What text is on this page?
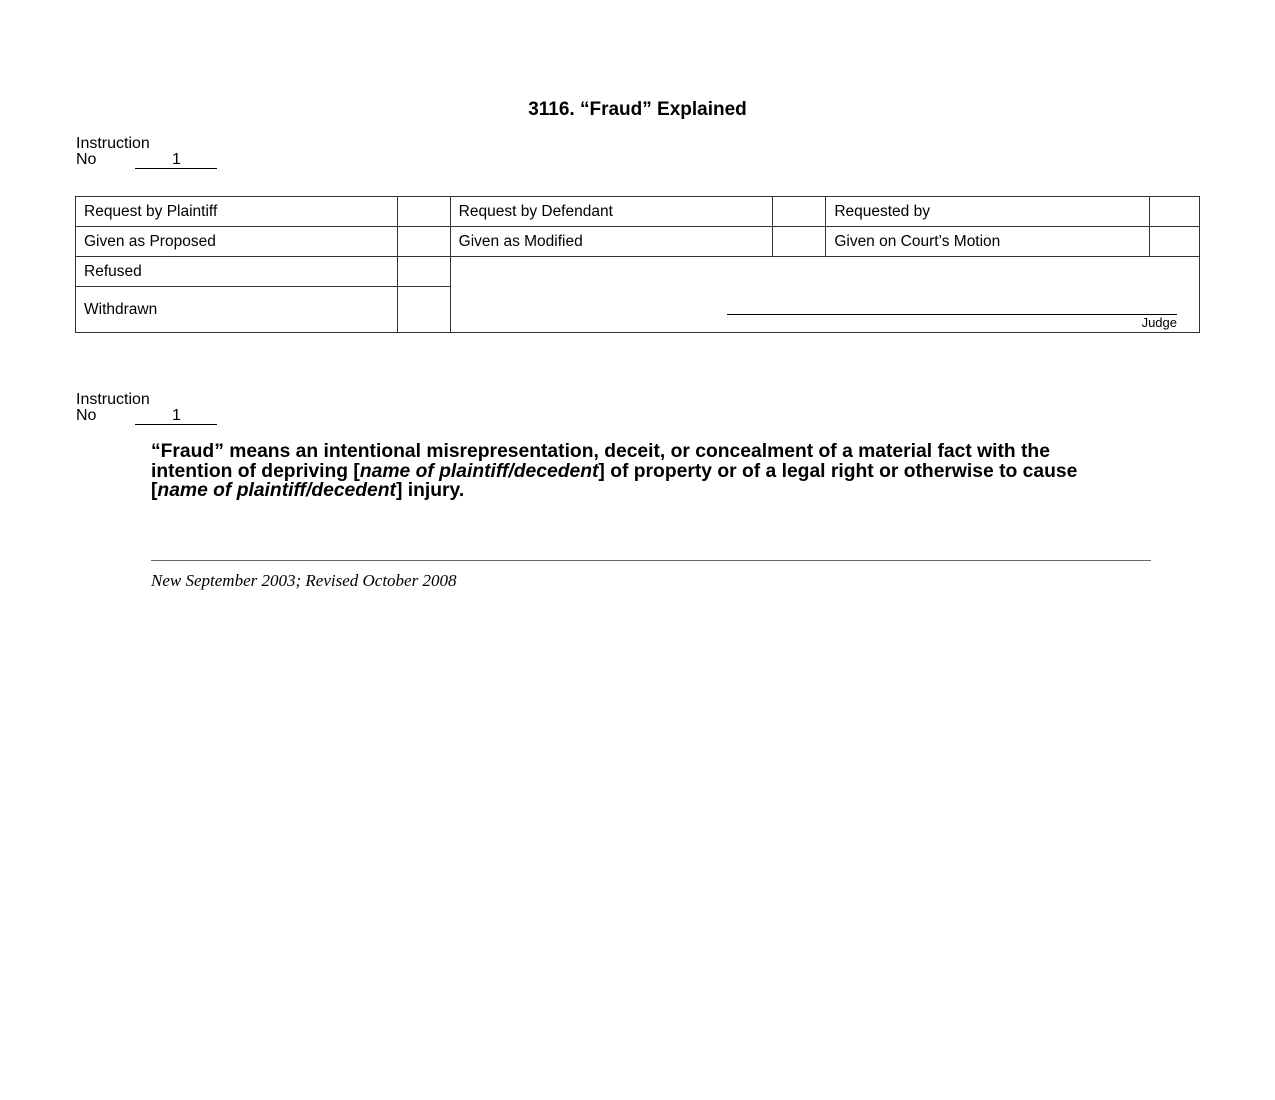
3116. “Fraud” Explained
Instruction
No	1
Request by Plaintiff		Request by Defendant		Requested by	
Given as Proposed		Given as Modified		Given on Court’s Motion	
Refused		Judge			

Withdrawn					
Instruction
No	1
“Fraud” means an intentional misrepresentation, deceit, or concealment of a material fact with the intention of depriving [name of plaintiff/decedent] of property or of a legal right or otherwise to cause [name of plaintiff/decedent] injury.
New September 2003; Revised October 2008
